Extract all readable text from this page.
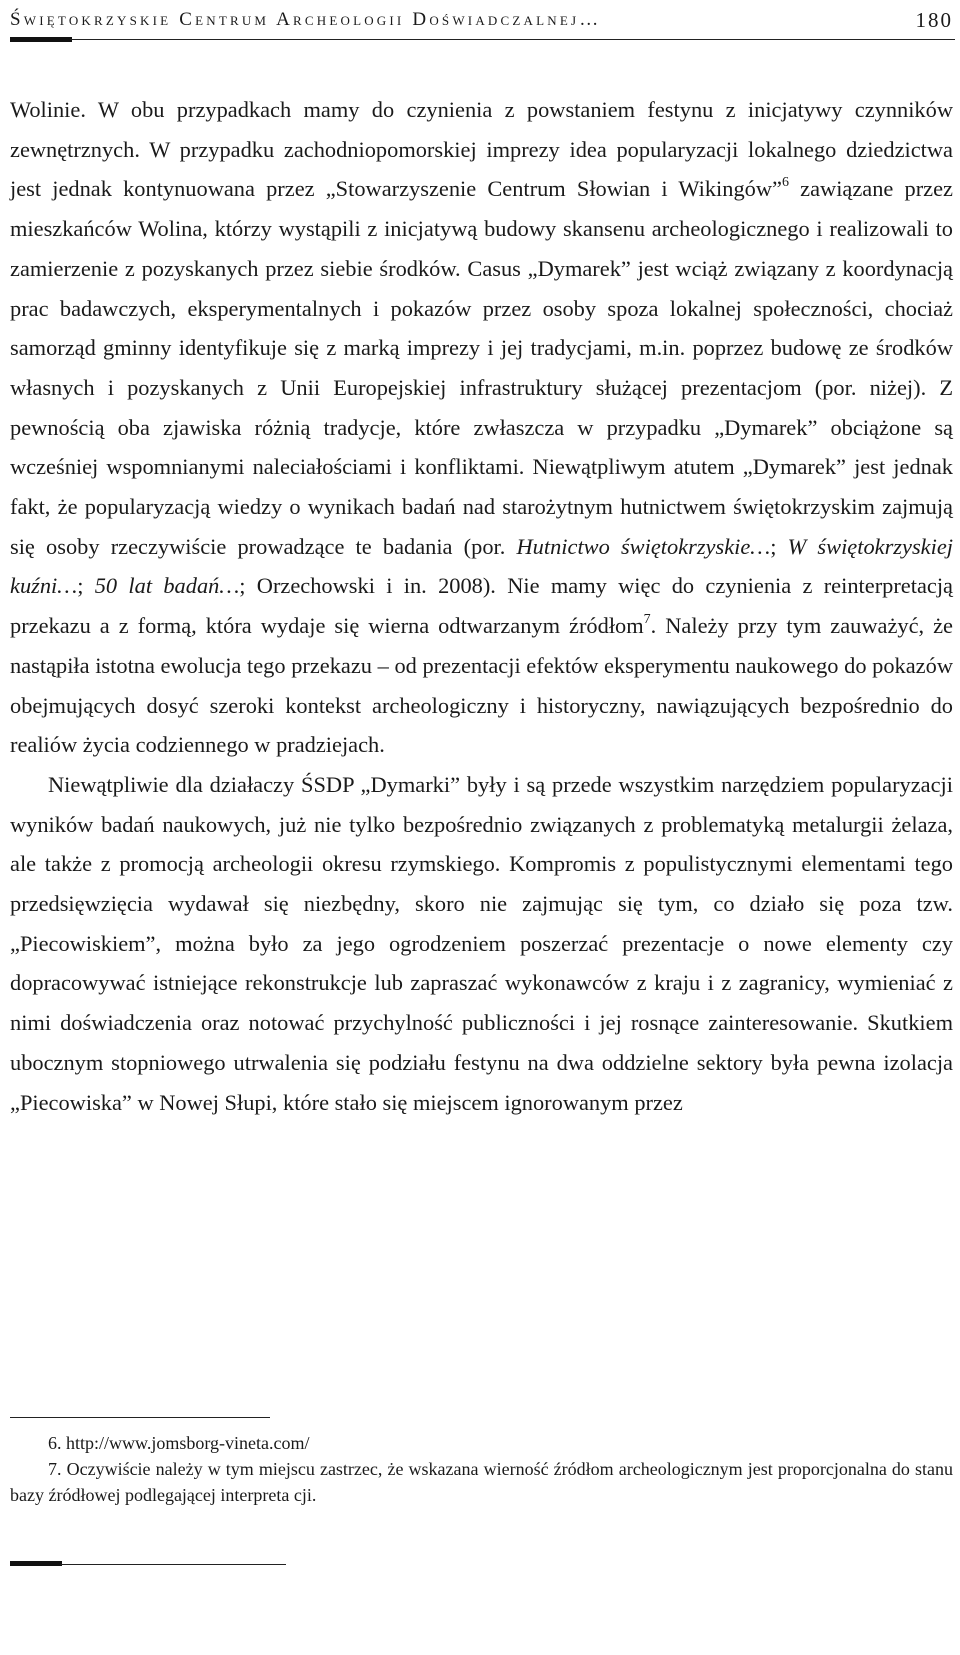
Świętokrzyskie Centrum Archeologii Doświadczalnej…	180

Wolinie. W obu przypadkach mamy do czynienia z powstaniem festynu z inicjatywy czynników zewnętrznych. W przypadku zachodniopomorskiej imprezy idea popularyzacji lokalnego dziedzictwa jest jednak kontynuowana przez „Stowarzyszenie Centrum Słowian i Wikingów”$^6$ zawiązane przez mieszkańców Wolina, którzy wystąpili z inicjatywą budowy skansenu archeologicznego i realizowali to zamierzenie z pozyskanych przez siebie środków. Casus „Dymarek” jest wciąż związany z koordynacją prac badawczych, eksperymentalnych i pokazów przez osoby spoza lokalnej społeczności, chociaż samorząd gminny identyfikuje się z marką imprezy i jej tradycjami, m.in. poprzez budowę ze środków własnych i pozyskanych z Unii Europejskiej infrastruktury służącej prezentacjom (por. niżej). Z pewnością oba zjawiska różnią tradycje, które zwłaszcza w przypadku „Dymarek” obciążone są wcześniej wspomnianymi naleciałościami i konfliktami. Niewątpliwym atutem „Dymarek” jest jednak fakt, że popularyzacją wiedzy o wynikach badań nad starożytnym hutnictwem świętokrzyskim zajmują się osoby rzeczywiście prowadzące te badania (por. Hutnictwo świętokrzyskie…; W świętokrzyskiej kuźni…; 50 lat badań…; Orzechowski i in. 2008). Nie mamy więc do czynienia z reinterpretacją przekazu a z formą, która wydaje się wierna odtwarzanym źródłom$^7$. Należy przy tym zauważyć, że nastąpiła istotna ewolucja tego przekazu – od prezentacji efektów eksperymentu naukowego do pokazów obejmujących dosyć szeroki kontekst archeologiczny i historyczny, nawiązujących bezpośrednio do realiów życia codziennego w pradziejach.

Niewątpliwie dla działaczy ŚSDP „Dymarki” były i są przede wszystkim narzędziem popularyzacji wyników badań naukowych, już nie tylko bezpośrednio związanych z problematyką metalurgii żelaza, ale także z promocją archeologii okresu rzymskiego. Kompromis z populistycznymi elementami tego przedsięwzięcia wydawał się niezbędny, skoro nie zajmując się tym, co działo się poza tzw. „Piecowiskiem”, można było za jego ogrodzeniem poszerzać prezentacje o nowe elementy czy dopracowywać istniejące rekonstrukcje lub zapraszać wykonawców z kraju i z zagranicy, wymieniać z nimi doświadczenia oraz notować przychylność publiczności i jej rosnące zainteresowanie. Skutkiem ubocznym stopniowego utrwalenia się podziału festynu na dwa oddzielne sektory była pewna izolacja „Piecowiska” w Nowej Słupi, które stało się miejscem ignorowanym przez

6. http://www.jomsborg-vineta.com/

7. Oczywiście należy w tym miejscu zastrzec, że wskazana wierność źródłom archeologicznym jest proporcjonalna do stanu bazy źródłowej podlegającej interpreta cji.
